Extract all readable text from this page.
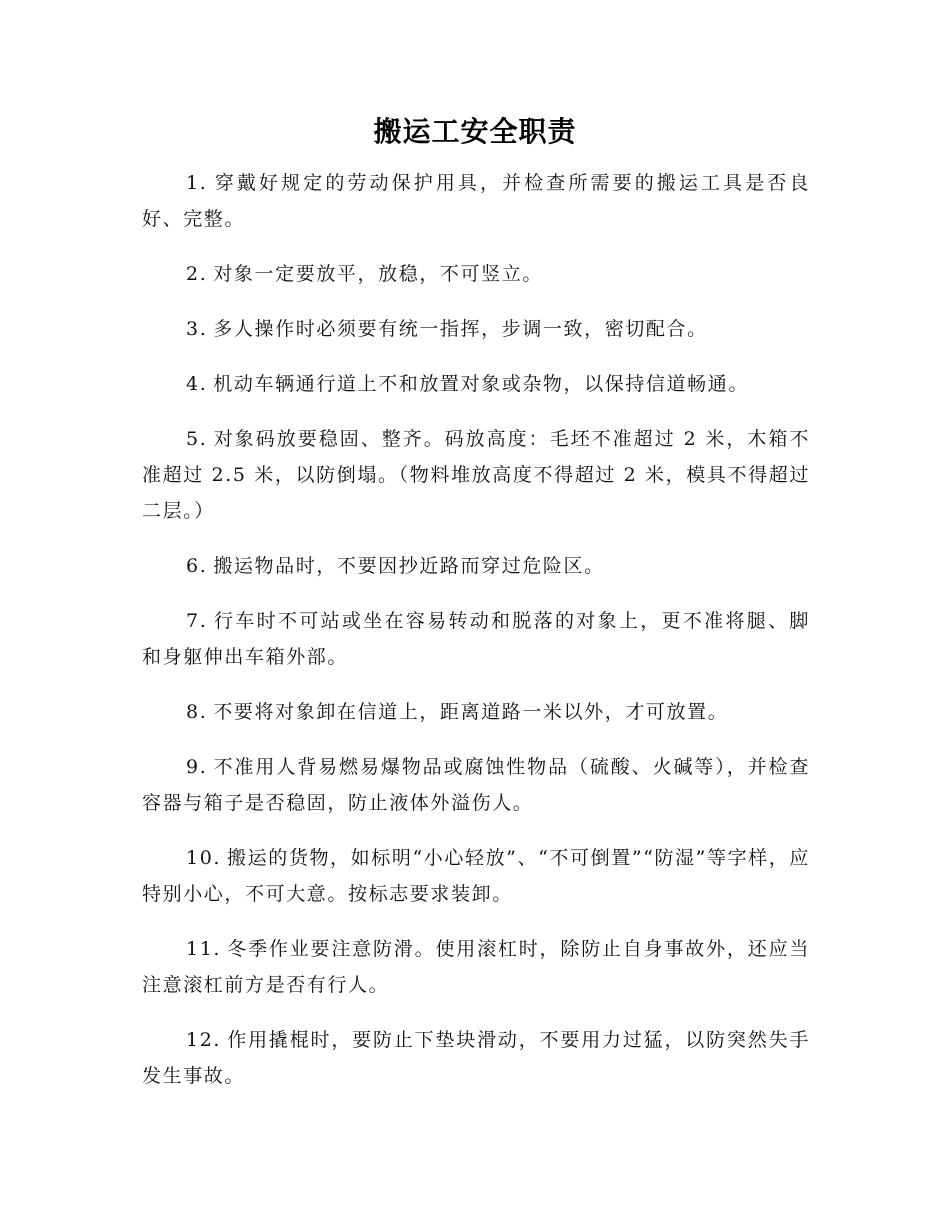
搬运工安全职责

1. 穿戴好规定的劳动保护用具，并检查所需要的搬运工具是否良好、完整。

2. 对象一定要放平，放稳，不可竖立。

3. 多人操作时必须要有统一指挥，步调一致，密切配合。

4. 机动车辆通行道上不和放置对象或杂物，以保持信道畅通。

5. 对象码放要稳固、整齐。码放高度：毛坯不准超过 2 米，木箱不准超过 2.5 米，以防倒塌。（物料堆放高度不得超过 2 米，模具不得超过二层。）

6. 搬运物品时，不要因抄近路而穿过危险区。

7. 行车时不可站或坐在容易转动和脱落的对象上，更不准将腿、脚和身躯伸出车箱外部。

8. 不要将对象卸在信道上，距离道路一米以外，才可放置。

9. 不准用人背易燃易爆物品或腐蚀性物品（硫酸、火碱等），并检查容器与箱子是否稳固，防止液体外溢伤人。

10. 搬运的货物，如标明“小心轻放”、“不可倒置”“防湿”等字样，应特别小心，不可大意。按标志要求装卸。

11. 冬季作业要注意防滑。使用滚杠时，除防止自身事故外，还应当注意滚杠前方是否有行人。

12. 作用撬棍时，要防止下垫块滑动，不要用力过猛，以防突然失手发生事故。
